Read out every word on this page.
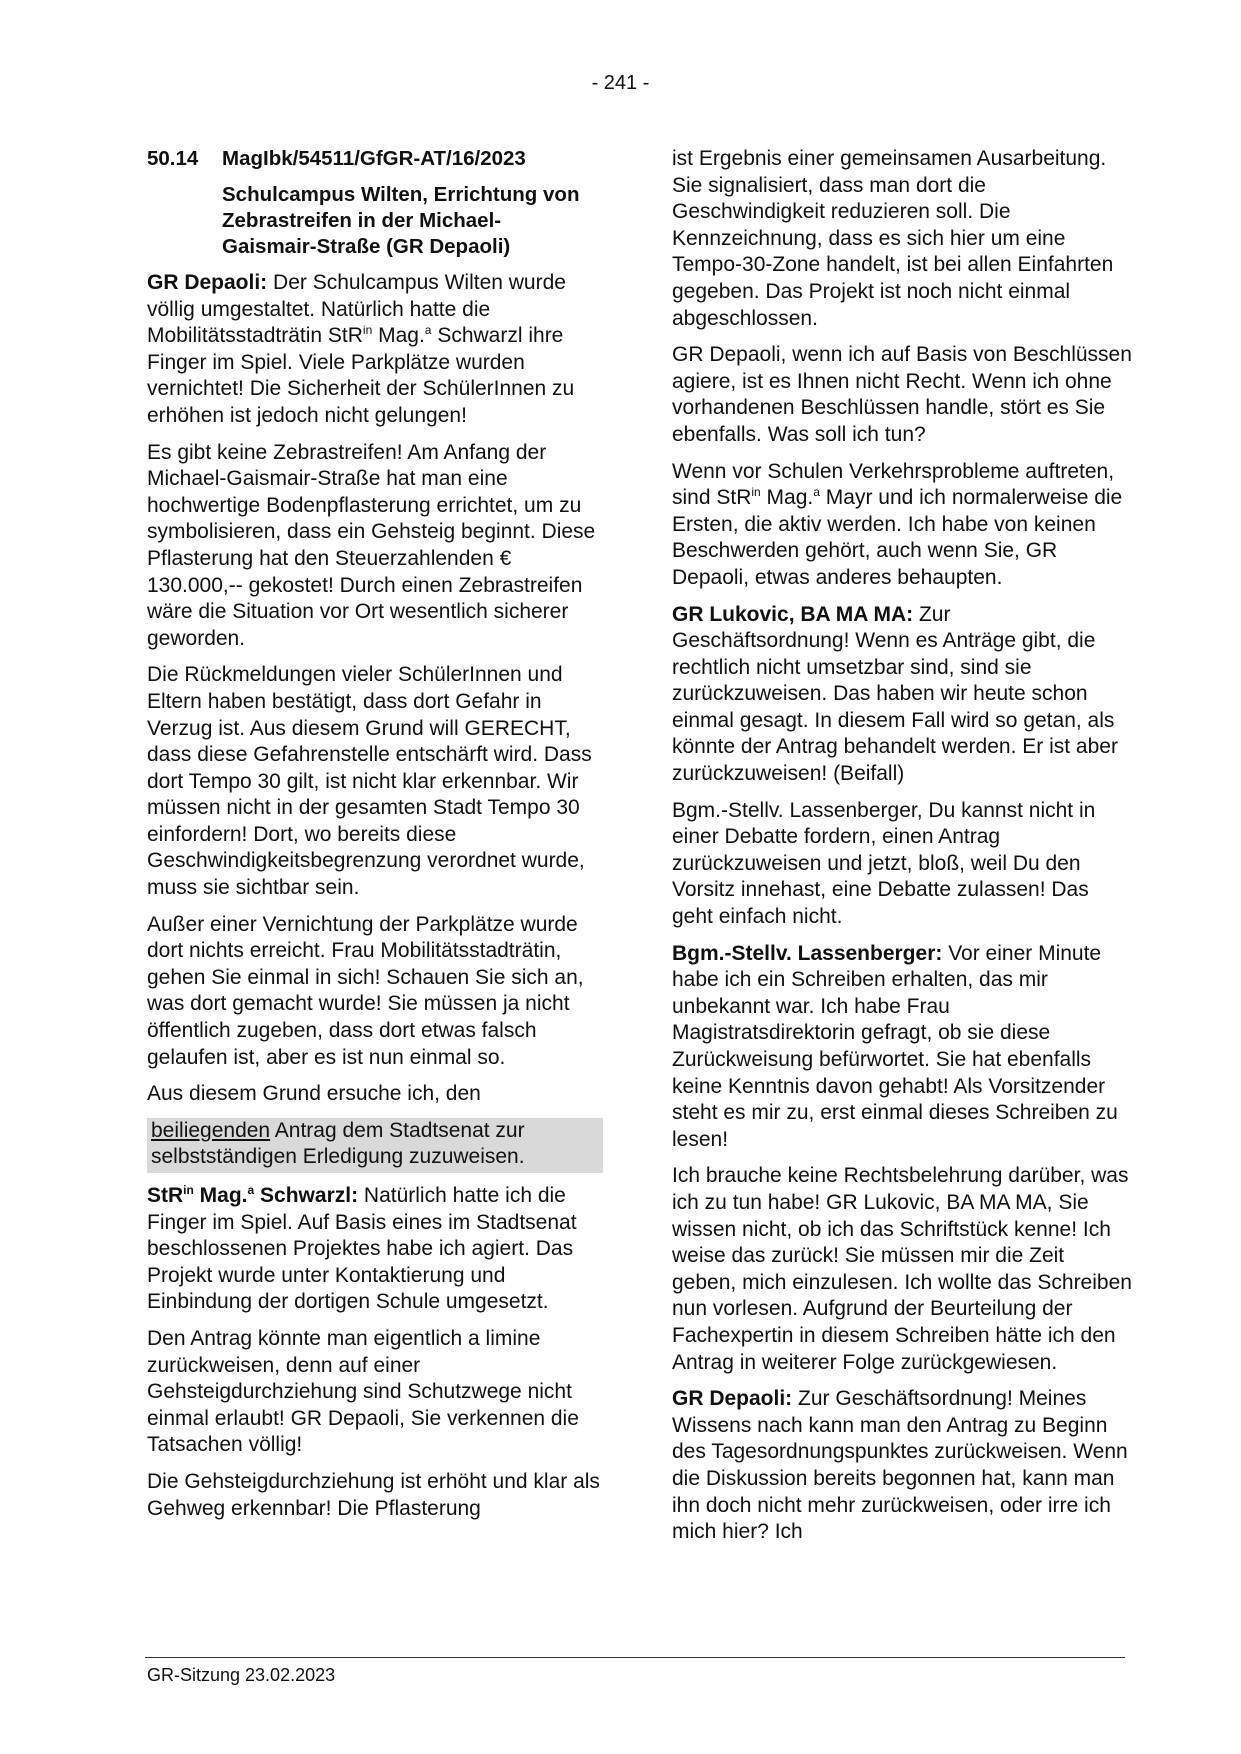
- 241 -
50.14	MagIbk/54511/GfGR-AT/16/2023
Schulcampus Wilten, Errichtung von Zebrastreifen in der Michael-Gaismair-Straße (GR Depaoli)

GR Depaoli: Der Schulcampus Wilten wurde völlig umgestaltet. Natürlich hatte die Mobilitätsstadträtin StR$^{in}$ Mag.$^a$ Schwarzl ihre Finger im Spiel. Viele Parkplätze wurden vernichtet! Die Sicherheit der SchülerInnen zu erhöhen ist jedoch nicht gelungen!

Es gibt keine Zebrastreifen! Am Anfang der Michael-Gaismair-Straße hat man eine hochwertige Bodenpflasterung errichtet, um zu symbolisieren, dass ein Gehsteig beginnt. Diese Pflasterung hat den Steuerzahlenden € 130.000,-- gekostet! Durch einen Zebrastreifen wäre die Situation vor Ort wesentlich sicherer geworden.

Die Rückmeldungen vieler SchülerInnen und Eltern haben bestätigt, dass dort Gefahr in Verzug ist. Aus diesem Grund will GERECHT, dass diese Gefahrenstelle entschärft wird. Dass dort Tempo 30 gilt, ist nicht klar erkennbar. Wir müssen nicht in der gesamten Stadt Tempo 30 einfordern! Dort, wo bereits diese Geschwindigkeitsbegrenzung verordnet wurde, muss sie sichtbar sein.

Außer einer Vernichtung der Parkplätze wurde dort nichts erreicht. Frau Mobilitätsstadträtin, gehen Sie einmal in sich! Schauen Sie sich an, was dort gemacht wurde! Sie müssen ja nicht öffentlich zugeben, dass dort etwas falsch gelaufen ist, aber es ist nun einmal so.

Aus diesem Grund ersuche ich, den

beiliegenden Antrag dem Stadtsenat zur selbstständigen Erledigung zuzuweisen.

StR$^{in}$ Mag.$^a$ Schwarzl: Natürlich hatte ich die Finger im Spiel. Auf Basis eines im Stadtsenat beschlossenen Projektes habe ich agiert. Das Projekt wurde unter Kontaktierung und Einbindung der dortigen Schule umgesetzt.

Den Antrag könnte man eigentlich a limine zurückweisen, denn auf einer Gehsteigdurchziehung sind Schutzwege nicht einmal erlaubt! GR Depaoli, Sie verkennen die Tatsachen völlig!

Die Gehsteigdurchziehung ist erhöht und klar als Gehweg erkennbar! Die Pflasterung

ist Ergebnis einer gemeinsamen Ausarbeitung. Sie signalisiert, dass man dort die Geschwindigkeit reduzieren soll. Die Kennzeichnung, dass es sich hier um eine Tempo-30-Zone handelt, ist bei allen Einfahrten gegeben. Das Projekt ist noch nicht einmal abgeschlossen.

GR Depaoli, wenn ich auf Basis von Beschlüssen agiere, ist es Ihnen nicht Recht. Wenn ich ohne vorhandenen Beschlüssen handle, stört es Sie ebenfalls. Was soll ich tun?

Wenn vor Schulen Verkehrsprobleme auftreten, sind StR$^{in}$ Mag.$^a$ Mayr und ich normalerweise die Ersten, die aktiv werden. Ich habe von keinen Beschwerden gehört, auch wenn Sie, GR Depaoli, etwas anderes behaupten.

GR Lukovic, BA MA MA: Zur Geschäftsordnung! Wenn es Anträge gibt, die rechtlich nicht umsetzbar sind, sind sie zurückzuweisen. Das haben wir heute schon einmal gesagt. In diesem Fall wird so getan, als könnte der Antrag behandelt werden. Er ist aber zurückzuweisen! (Beifall)

Bgm.-Stellv. Lassenberger, Du kannst nicht in einer Debatte fordern, einen Antrag zurückzuweisen und jetzt, bloß, weil Du den Vorsitz innehast, eine Debatte zulassen! Das geht einfach nicht.

Bgm.-Stellv. Lassenberger: Vor einer Minute habe ich ein Schreiben erhalten, das mir unbekannt war. Ich habe Frau Magistratsdirektorin gefragt, ob sie diese Zurückweisung befürwortet. Sie hat ebenfalls keine Kenntnis davon gehabt! Als Vorsitzender steht es mir zu, erst einmal dieses Schreiben zu lesen!

Ich brauche keine Rechtsbelehrung darüber, was ich zu tun habe! GR Lukovic, BA MA MA, Sie wissen nicht, ob ich das Schriftstück kenne! Ich weise das zurück! Sie müssen mir die Zeit geben, mich einzulesen. Ich wollte das Schreiben nun vorlesen. Aufgrund der Beurteilung der Fachexpertin in diesem Schreiben hätte ich den Antrag in weiterer Folge zurückgewiesen.

GR Depaoli: Zur Geschäftsordnung! Meines Wissens nach kann man den Antrag zu Beginn des Tagesordnungspunktes zurückweisen. Wenn die Diskussion bereits begonnen hat, kann man ihn doch nicht mehr zurückweisen, oder irre ich mich hier? Ich

GR-Sitzung 23.02.2023
